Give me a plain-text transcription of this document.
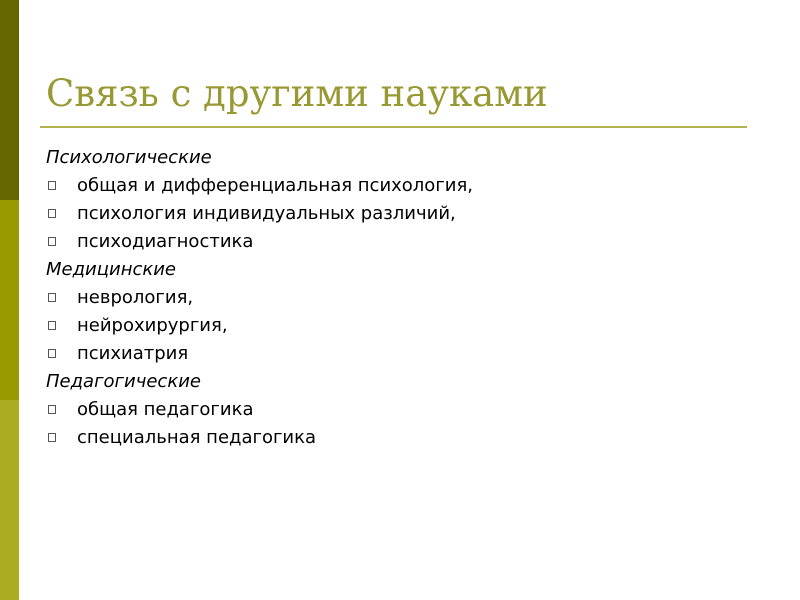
Связь с другими науками
Психологические
общая и дифференциальная психология,
психология индивидуальных различий,
психодиагностика
Медицинские
неврология,
нейрохирургия,
психиатрия
Педагогические
общая педагогика
специальная педагогика
